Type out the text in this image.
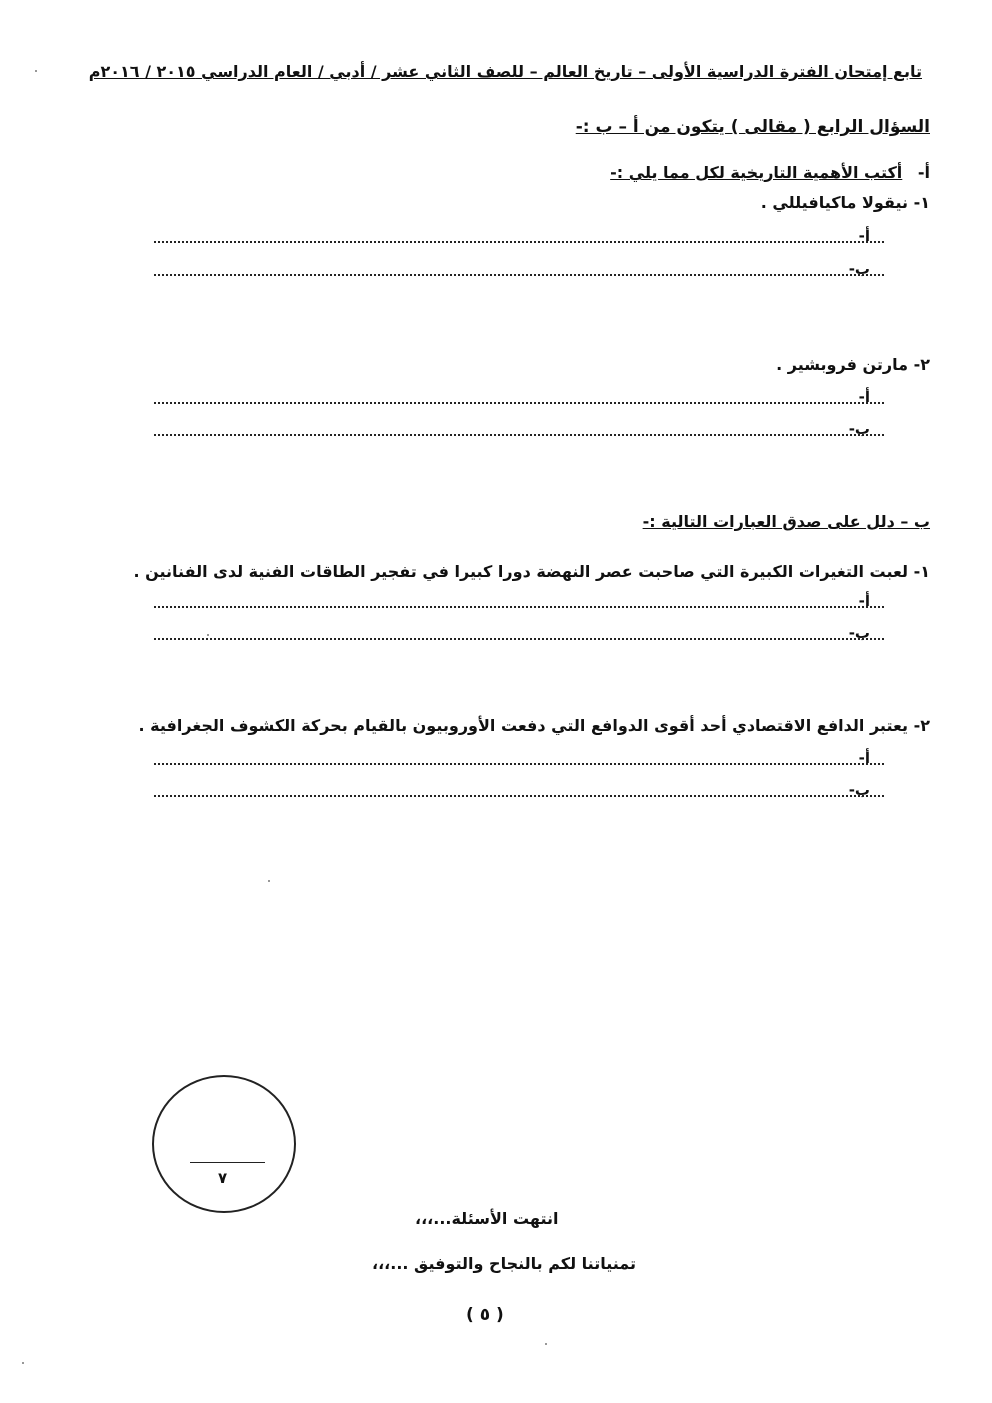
تابع إمتحان الفترة الدراسية الأولى – تاريخ العالم – للصف الثاني عشر / أدبي / العام الدراسي ٢٠١٥ / ٢٠١٦م
السؤال الرابع ( مقالى ) يتكون من أ – ب :-
أ- أكتب الأهمية التاريخية لكل مما يلي :-
١- نيقولا ماكيافيللي .
أ-
ب-
٢- مارتن فروبشير .
أ-
ب-
ب – دلل على صدق العبارات التالية :-
١- لعبت التغيرات الكبيرة التي صاحبت عصر النهضة دورا كبيرا في تفجير الطاقات الفنية لدى الفنانين .
أ-
ب-
٢- يعتبر الدافع الاقتصادي أحد أقوى الدوافع التي دفعت الأوروبيون بالقيام بحركة الكشوف الجغرافية .
أ-
ب-
٧
انتهت الأسئلة...،،،
تمنياتنا لكم بالنجاح والتوفيق ...،،،
( ٥ )
